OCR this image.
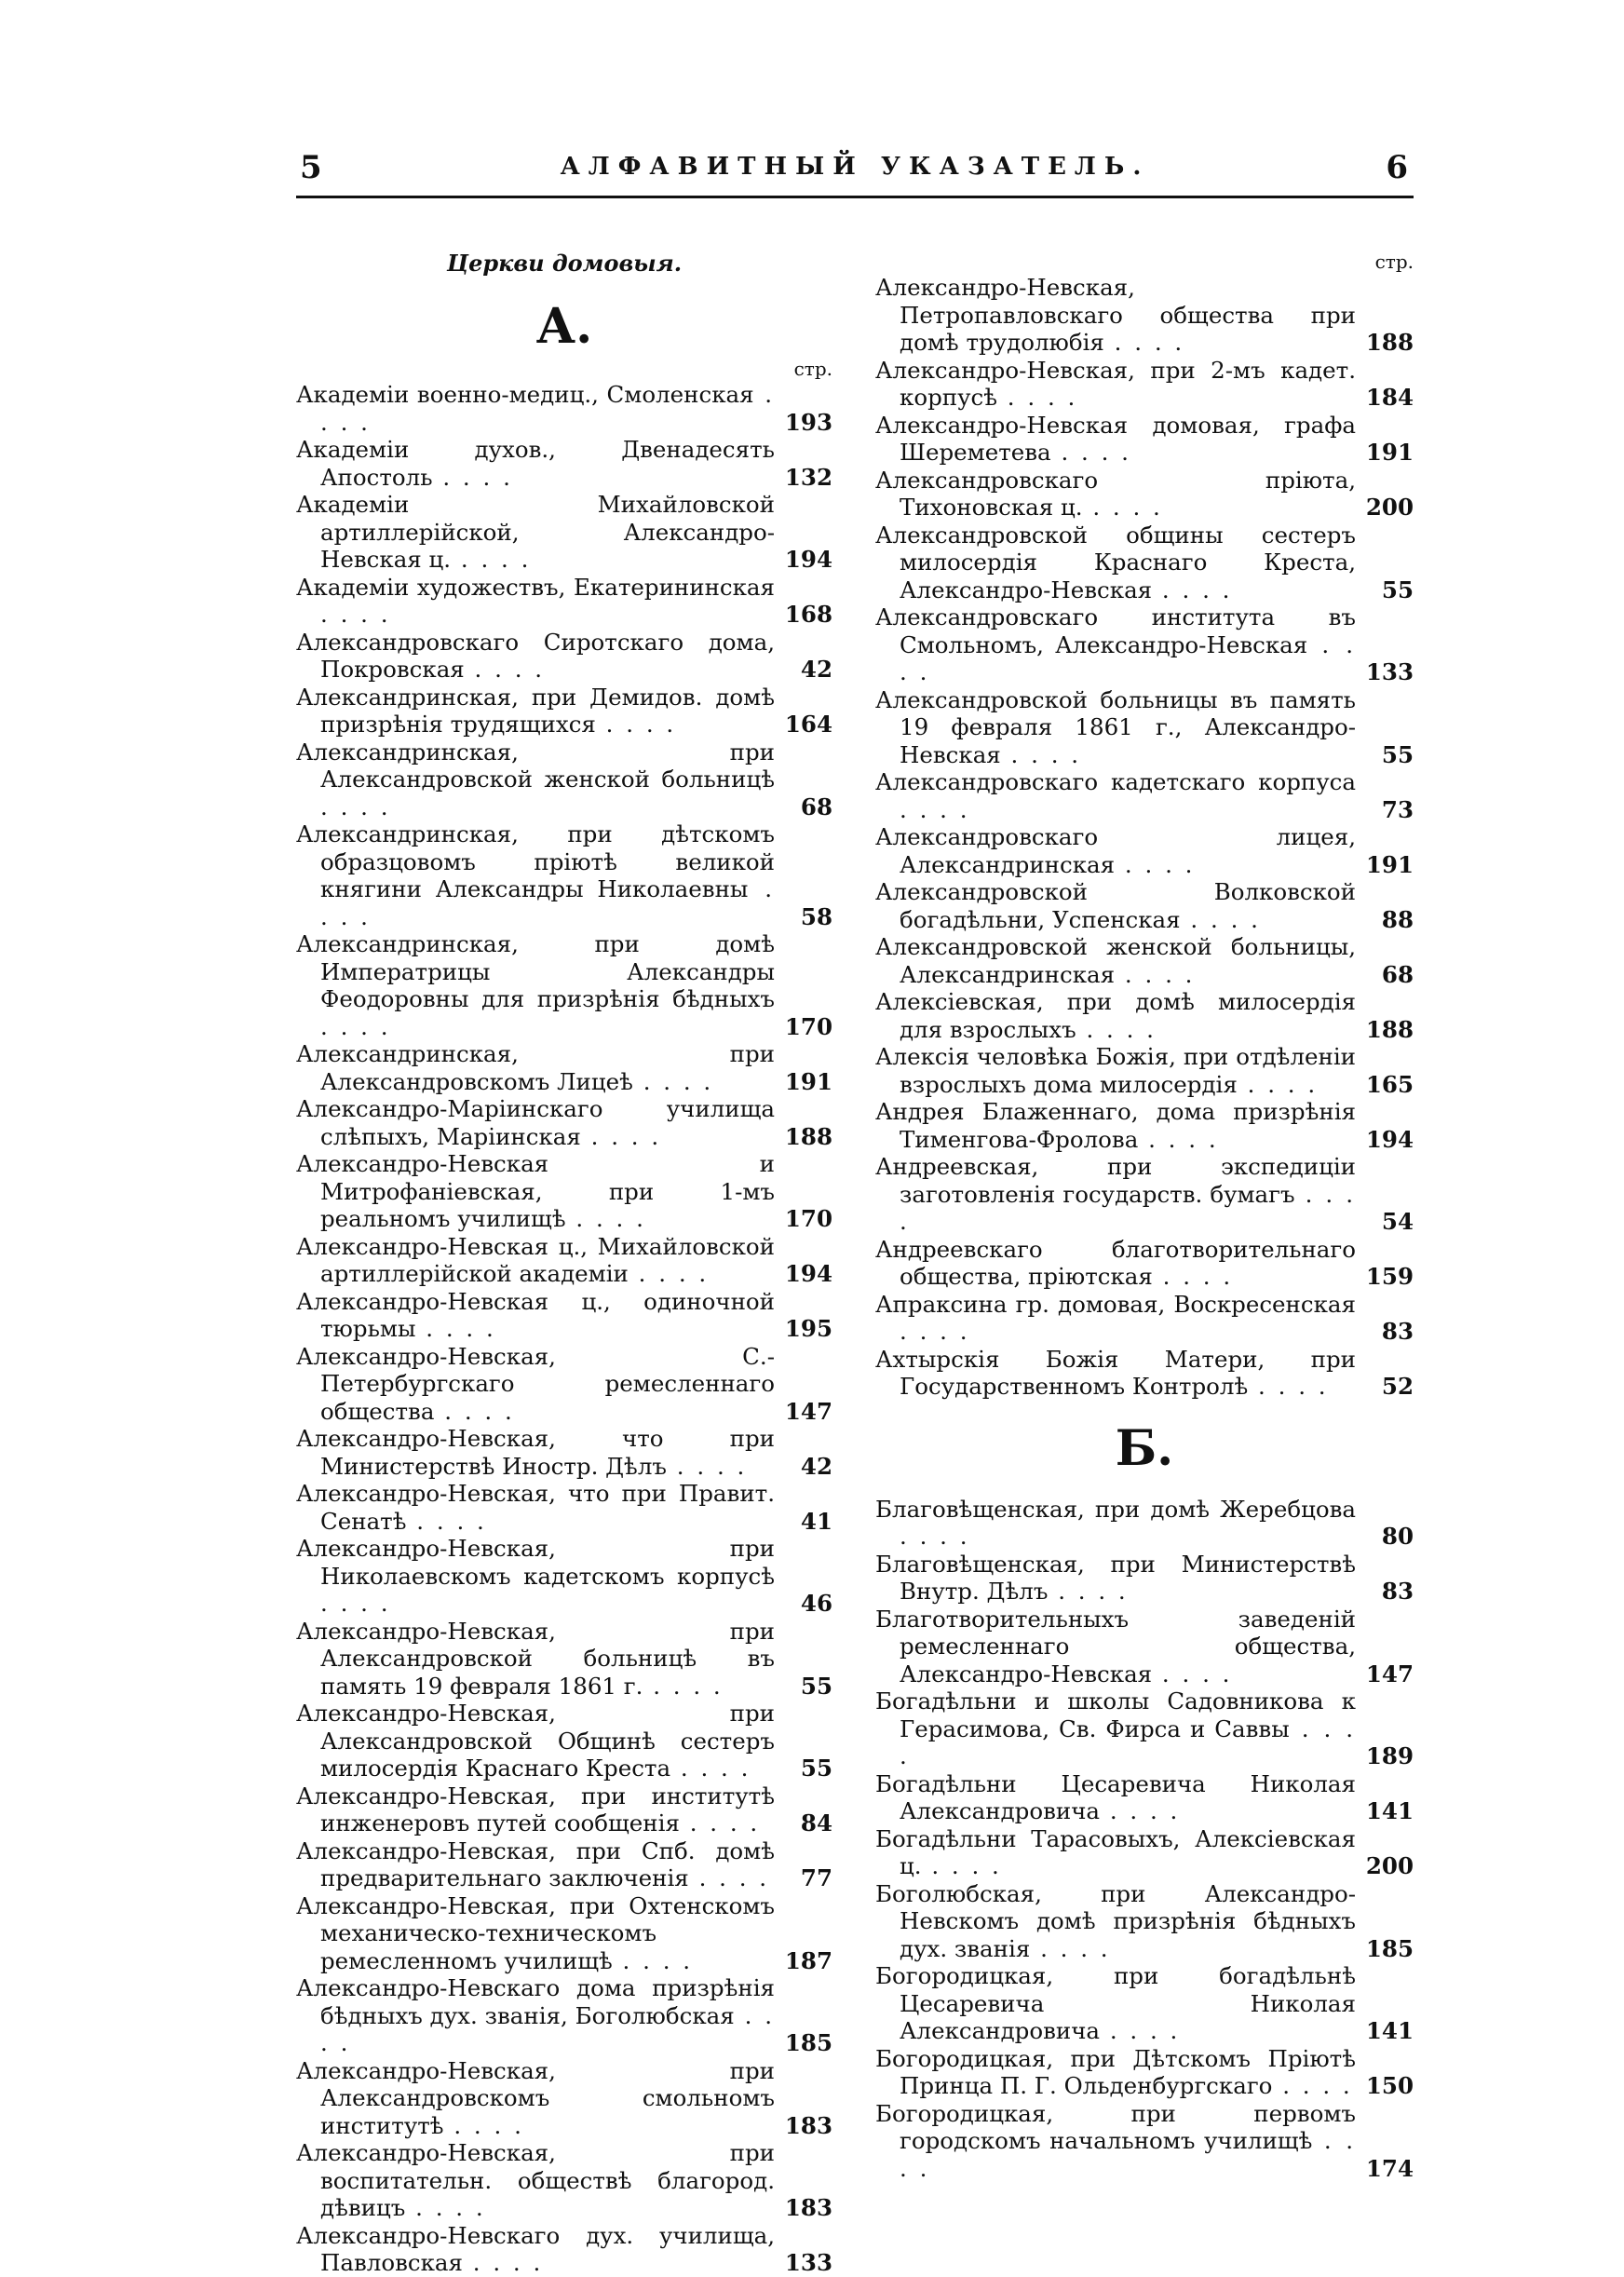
5	АЛФАВИТНЫЙ УКАЗАТЕЛЬ.	6
Церкви домовыя.
А.
стр.
Академіи военно-медиц., Смоленская . . . .	193
Академіи духов., Двенадесять Апостоль . . . .	132
Академіи Михайловской артиллерійской, Александро-Невская ц. . . . .	194
Академіи художествъ, Екатерининская . . . .	168
Александровскаго Сиротскаго дома, Покровская . . . .	42
Александринская, при Демидов. домѣ призрѣнія трудящихся . . . .	164
Александринская, при Александровской женской больницѣ . . . .	68
Александринская, при дѣтскомъ образцовомъ пріютѣ великой княгини Александры Николаевны . . . .	58
Александринская, при домѣ Императрицы Александры Феодоровны для призрѣнія бѣдныхъ . . . .	170
Александринская, при Александровскомъ Лицеѣ . . . .	191
Александро-Маріинскаго училища слѣпыхъ, Маріинская . . . .	188
Александро-Невская и Митрофаніевская, при 1-мъ реальномъ училищѣ . . . .	170
Александро-Невская ц., Михайловской артиллерійской академіи . . . .	194
Александро-Невская ц., одиночной тюрьмы . . . .	195
Александро-Невская, С.-Петербургскаго ремесленнаго общества . . . .	147
Александро-Невская, что при Министерствѣ Иностр. Дѣлъ . . . .	42
Александро-Невская, что при Правит. Сенатѣ . . . .	41
Александро-Невская, при Николаевскомъ кадетскомъ корпусѣ . . . .	46
Александро-Невская, при Александровской больницѣ въ память 19 февраля 1861 г. . . . .	55
Александро-Невская, при Александровской Общинѣ сестеръ милосердія Краснаго Креста . . . .	55
Александро-Невская, при институтѣ инженеровъ путей сообщенія . . . .	84
Александро-Невская, при Спб. домѣ предварительнаго заключенія . . . .	77
Александро-Невская, при Охтенскомъ механическо-техническомъ ремесленномъ училищѣ . . . .	187
Александро-Невскаго дома призрѣнія бѣдныхъ дух. званія, Боголюбская . . . .	185
Александро-Невская, при Александровскомъ смольномъ институтѣ . . . .	183
Александро-Невская, при воспитательн. обществѣ благород. дѣвицъ . . . .	183
Александро-Невскаго дух. училища, Павловская . . . .	133
стр.
Александро-Невская, Петропавловскаго общества при домѣ трудолюбія . . . .	188
Александро-Невская, при 2-мъ кадет. корпусѣ . . . .	184
Александро-Невская домовая, графа Шереметева . . . .	191
Александровскаго пріюта, Тихоновская ц. . . . .	200
Александровской общины сестеръ милосердія Краснаго Креста, Александро-Невская . . . .	55
Александровскаго института въ Смольномъ, Александро-Невская . . . .	133
Александровской больницы въ память 19 февраля 1861 г., Александро-Невская . . . .	55
Александровскаго кадетскаго корпуса . . . .	73
Александровскаго лицея, Александринская . . . .	191
Александровской Волковской богадѣльни, Успенская . . . .	88
Александровской женской больницы, Александринская . . . .	68
Алексіевская, при домѣ милосердія для взрослыхъ . . . .	188
Алексія человѣка Божія, при отдѣленіи взрослыхъ дома милосердія . . . . 165
Андрея Блаженнаго, дома призрѣнія Тименгова-Фролова . . . .	194
Андреевская, при экспедиціи заготовленія государств. бумагъ . . . .	54
Андреевскаго благотворительнаго общества, пріютская . . . .	159
Апраксина гр. домовая, Воскресенская . . . .	83
Ахтырскія Божія Матери, при Государственномъ Контролѣ . . . .	52
Б.
Благовѣщенская, при домѣ Жеребцова . . . .	80
Благовѣщенская, при Министерствѣ Внутр. Дѣлъ . . . .	83
Благотворительныхъ заведеній ремесленнаго общества, Александро-Невская . . . .	147
Богадѣльни и школы Садовникова к Герасимова, Св. Фирса и Саввы . . . .	189
Богадѣльни Цесаревича Николая Александровича . . . .	141
Богадѣльни Тарасовыхъ, Алексіевская ц. . . . .	200
Боголюбская, при Александро-Невскомъ домѣ призрѣнія бѣдныхъ дух. званія . . . .	185
Богородицкая, при богадѣльнѣ Цесаревича Николая Александровича . . . .	141
Богородицкая, при Дѣтскомъ Пріютѣ Принца П. Г. Ольденбургскаго . . . . 150
Богородицкая, при первомъ городскомъ начальномъ училищѣ . . . .	174
